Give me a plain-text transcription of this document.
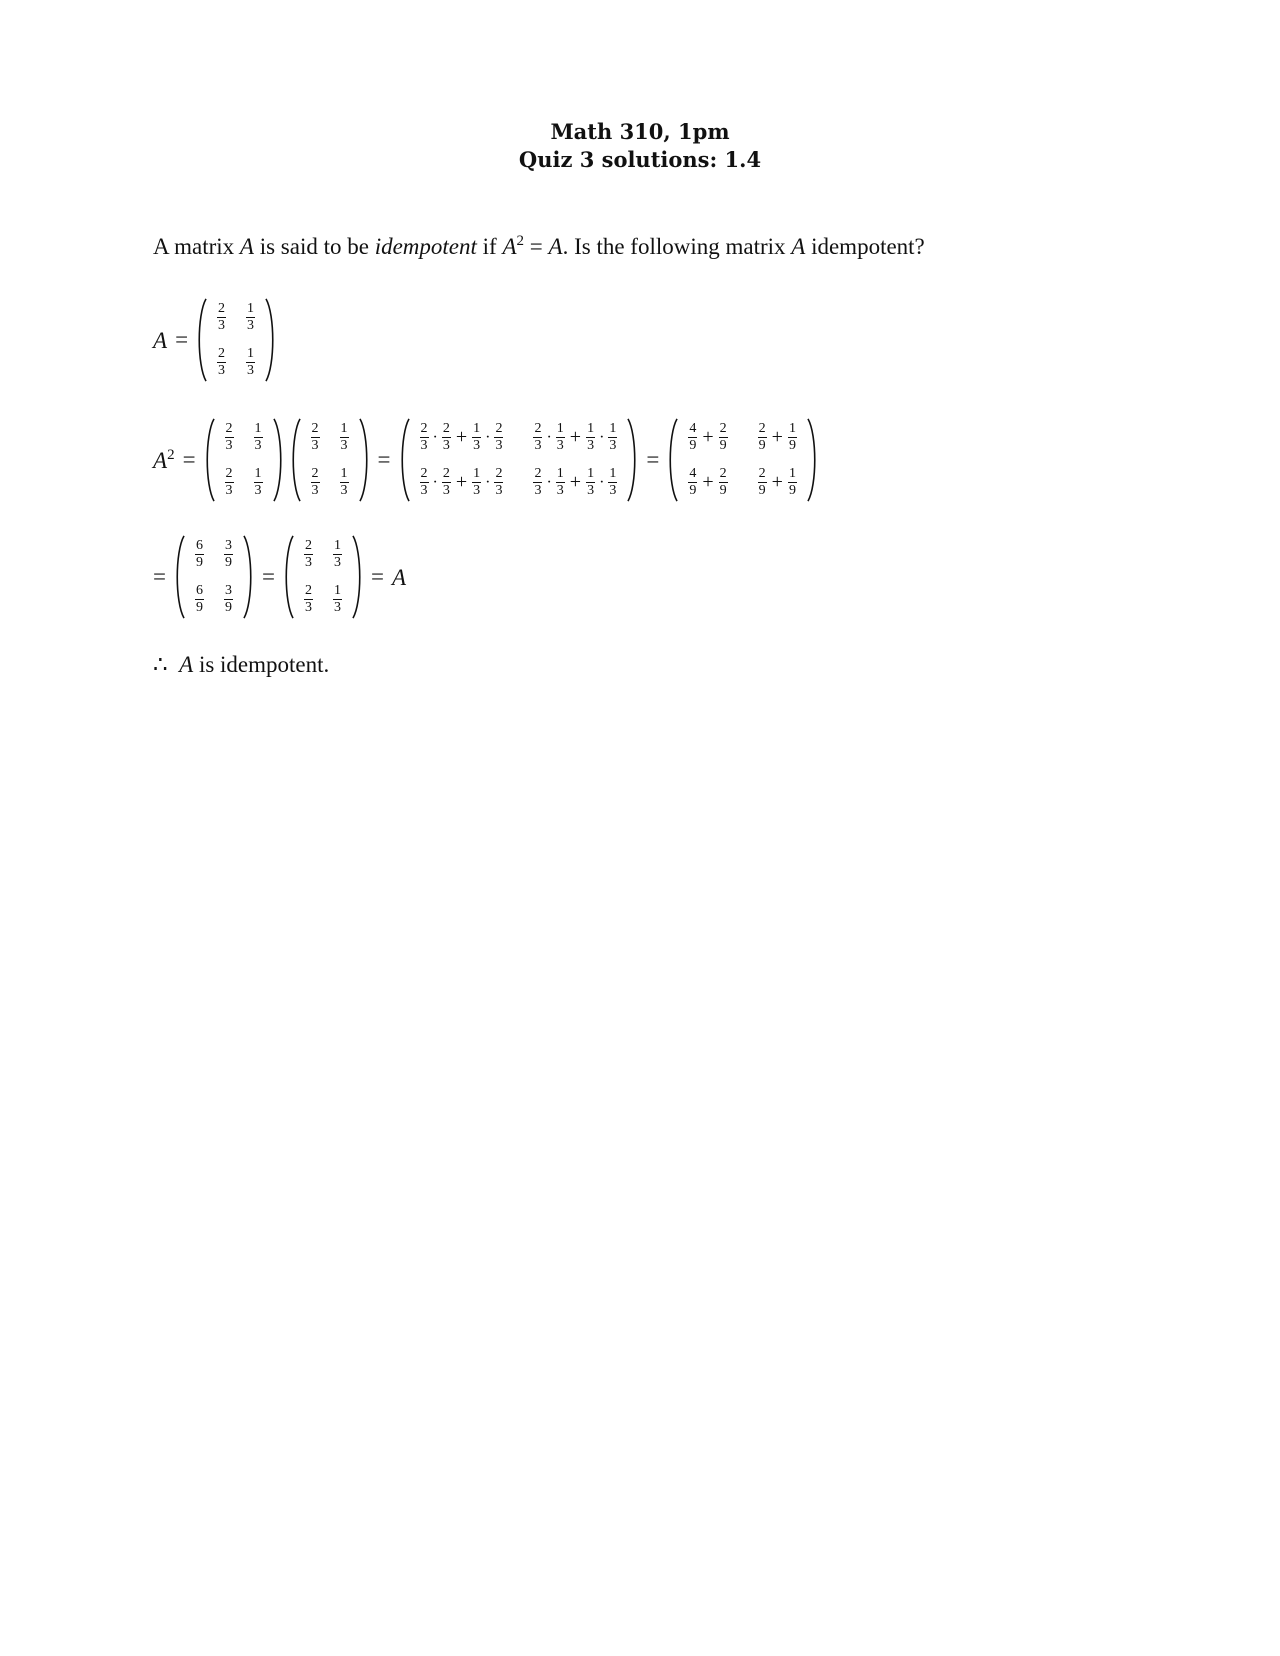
Math 310, 1pm
Quiz 3 solutions: 1.4
A matrix A is said to be idempotent if $A^2 = A$. Is the following matrix A idempotent?
A =
$\frac{2}{3} \frac{1}{3}$
$\frac{2}{3} \frac{1}{3}$
$A^2$ =
$\frac{2}{3} \frac{1}{3}$
$\frac{2}{3} \frac{1}{3}$
$\frac{2}{3} \frac{1}{3}$
$\frac{2}{3} \frac{1}{3}$
=
$\frac{2}{3} \cdot \frac{2}{3} + \frac{1}{3} \cdot \frac{2}{3} \frac{2}{3} \cdot \frac{1}{3} + \frac{1}{3} \cdot \frac{1}{3}$
$\frac{2}{3} \cdot \frac{2}{3} + \frac{1}{3} \cdot \frac{2}{3} \frac{2}{3} \cdot \frac{1}{3} + \frac{1}{3} \cdot \frac{1}{3}$
=
$\frac{4}{9} + \frac{2}{9} \frac{2}{9} + \frac{1}{9}$
$\frac{4}{9} + \frac{2}{9} \frac{2}{9} + \frac{1}{9}$
=
$\frac{6}{9} \frac{3}{9}$
$\frac{6}{9} \frac{3}{9}$
=
$\frac{2}{3} \frac{1}{3}$
$\frac{2}{3} \frac{1}{3}$
= A
∴ A is idempotent.
